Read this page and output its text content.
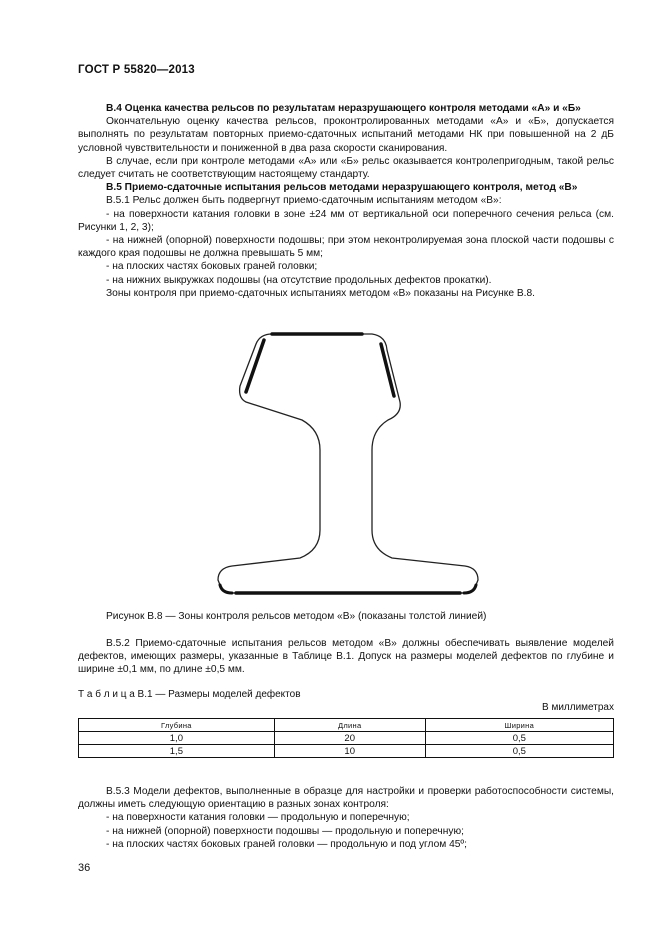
ГОСТ Р 55820—2013

В.4 Оценка качества рельсов по результатам неразрушающего контроля методами «А» и «Б»

Окончательную оценку качества рельсов, проконтролированных методами «А» и «Б», допускается выполнять по результатам повторных приемо-сдаточных испытаний методами НК при повышенной на 2 дБ условной чувствительности и пониженной в два раза скорости сканирования.

В случае, если при контроле методами «А» или «Б» рельс оказывается контролепригодным, такой рельс следует считать не соответствующим настоящему стандарту.

В.5 Приемо-сдаточные испытания рельсов методами неразрушающего контроля, метод «В»

В.5.1 Рельс должен быть подвергнут приемо-сдаточным испытаниям методом «В»:

- на поверхности катания головки в зоне ±24 мм от вертикальной оси поперечного сечения рельса (см. Рисунки 1, 2, 3);

- на нижней (опорной) поверхности подошвы; при этом неконтролируемая зона плоской части подошвы с каждого края подошвы не должна превышать 5 мм;

- на плоских частях боковых граней головки;

- на нижних выкружках подошвы (на отсутствие продольных дефектов прокатки).

Зоны контроля при приемо-сдаточных испытаниях методом «В» показаны на Рисунке В.8.

Рисунок В.8 — Зоны контроля рельсов методом «В» (показаны толстой линией)

В.5.2 Приемо-сдаточные испытания рельсов методом «В» должны обеспечивать выявление моделей дефектов, имеющих размеры, указанные в Таблице В.1. Допуск на размеры моделей дефектов по глубине и ширине ±0,1 мм, по длине ±0,5 мм.

Т а б л и ц а В.1 — Размеры моделей дефектов
В миллиметрах
Глубина	Длина	Ширина
1,0	20	0,5
1,5	10	0,5

В.5.3 Модели дефектов, выполненные в образце для настройки и проверки работоспособности системы, должны иметь следующую ориентацию в разных зонах контроля:

- на поверхности катания головки — продольную и поперечную;

- на нижней (опорной) поверхности подошвы — продольную и поперечную;

- на плоских частях боковых граней головки — продольную и под углом 45º;

36
